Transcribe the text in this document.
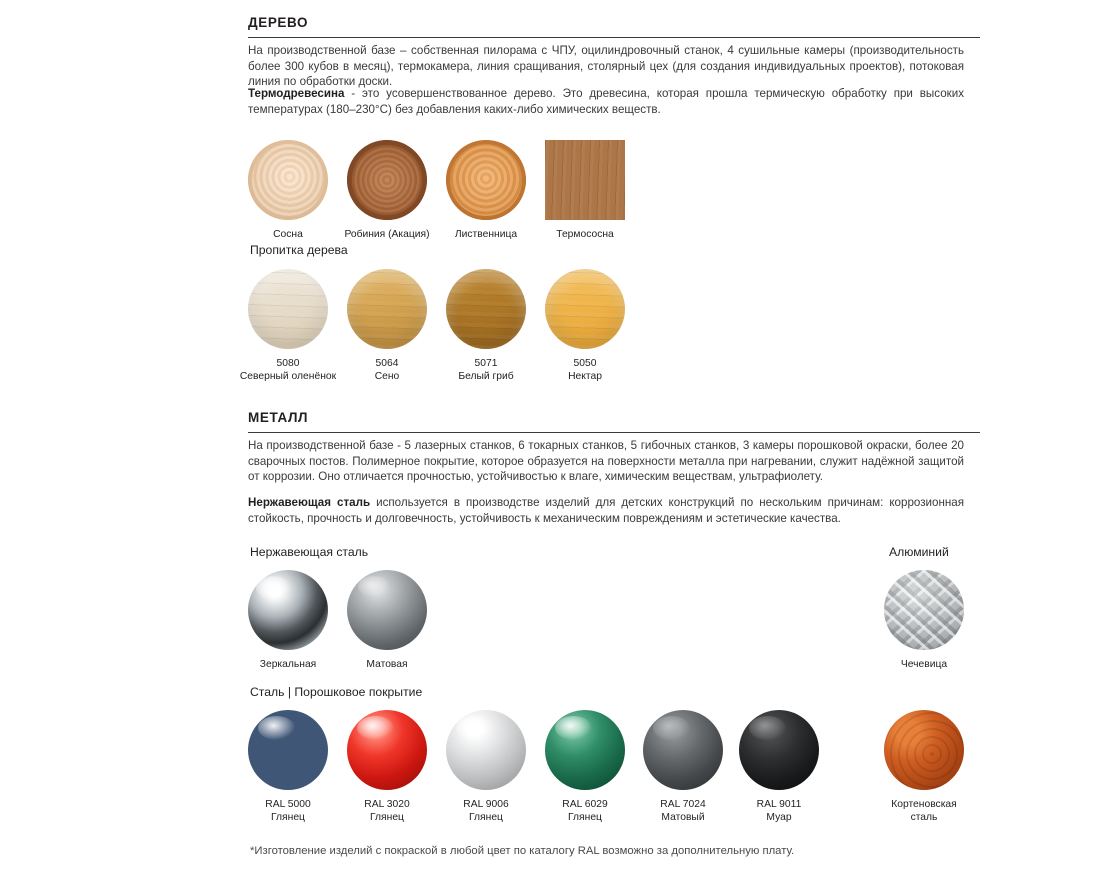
ДЕРЕВО
На производственной базе – собственная пилорама с ЧПУ, оцилиндровочный станок, 4 сушильные камеры (производительность более 300 кубов в месяц), термокамера, линия сращивания, столярный цех (для создания индивидуальных проектов), потоковая линия по обработки доски.
Термодревесина - это усовершенствованное дерево. Это древесина, которая прошла термическую обработку при высоких температурах (180–230°С) без добавления каких-либо химических веществ.
Сосна	Робиния (Акация)	Лиственница	Термососна
Пропитка дерева
5080
Северный оленёнок
5064
Сено
5071
Белый гриб
5050
Нектар
МЕТАЛЛ
На производственной базе - 5 лазерных станков, 6 токарных станков, 5 гибочных станков, 3 камеры порошковой окраски, более 20 сварочных постов. Полимерное покрытие, которое образуется на поверхности металла при нагревании, служит надёжной защитой от коррозии. Оно отличается прочностью, устойчивостью к влаге, химическим веществам, ультрафиолету.
Нержавеющая сталь используется в производстве изделий для детских конструкций по нескольким причинам: коррозионная стойкость, прочность и долговечность, устойчивость к механическим повреждениям и эстетические качества.
Нержавеющая сталь
Зеркальная	Матовая
Алюминий
Чечевица
Сталь | Порошковое покрытие
RAL 5000
Глянец
RAL 3020
Глянец
RAL 9006
Глянец
RAL 6029
Глянец
RAL 7024
Матовый
RAL 9011
Муар
Кортеновская
сталь
*Изготовление изделий с покраской в любой цвет по каталогу RAL возможно за дополнительную плату.
